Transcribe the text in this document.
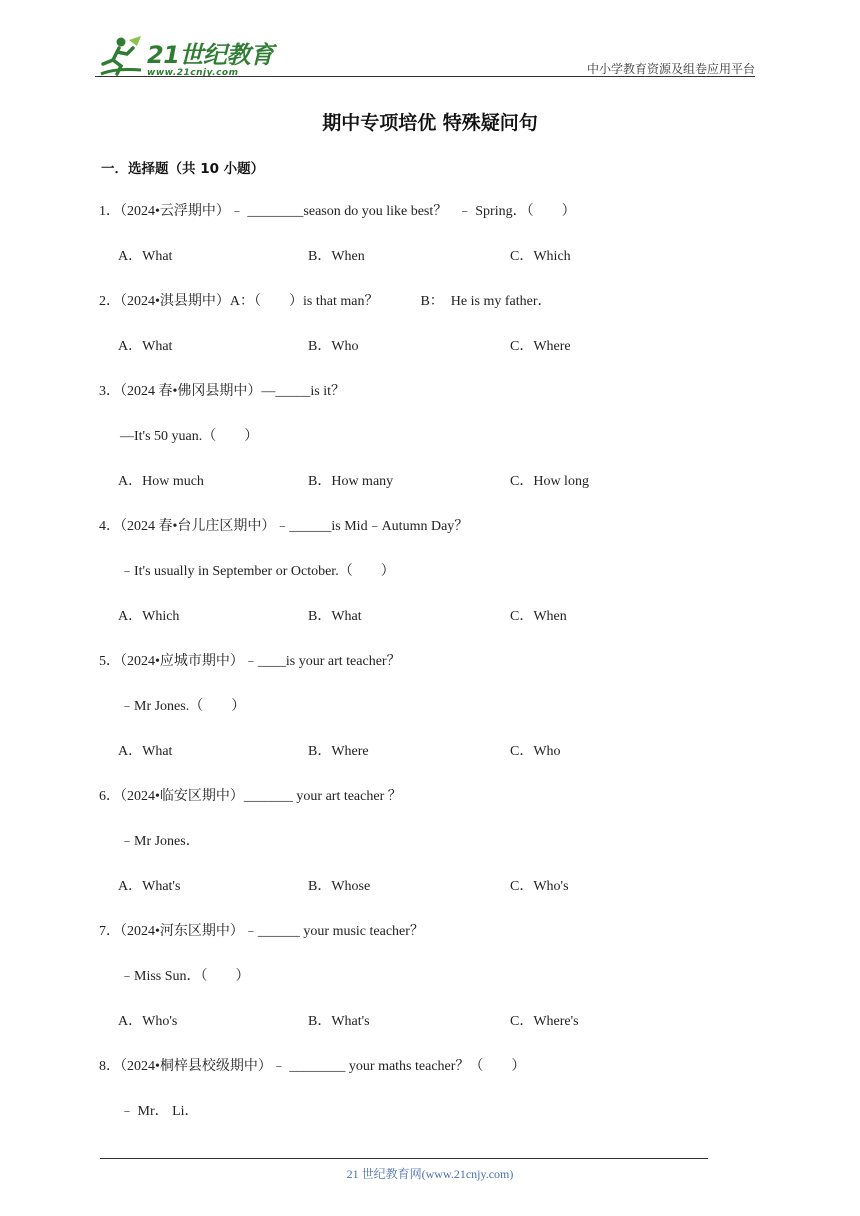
21世纪教育
www.21cnjy.com	中小学教育资源及组卷应用平台
期中专项培优 特殊疑问句
一．选择题（共 10 小题）
1．（2024•云浮期中）﹣ ________season do you like best？   ﹣ Spring．（　　）
A．What	B．When	C．Which
2．（2024•淇县期中）A：（　　）is that man？　　　B：  He is my father．
A．What	B．Who	C．Where
3．（2024 春•佛冈县期中）—_____is it？
—It's 50 yuan.（　　）
A．How much	B．How many	C．How long
4．（2024 春•台儿庄区期中）﹣______is Mid﹣Autumn Day？
﹣It's usually in September or October.（　　）
A．Which	B．What	C．When
5．（2024•应城市期中）﹣____is your art teacher？
﹣Mr Jones.（　　）
A．What	B．Where	C．Who
6．（2024•临安区期中）_______ your art teacher ？
﹣Mr Jones．
A．What's	B．Whose	C．Who's
7．（2024•河东区期中）﹣______ your music teacher？
﹣Miss Sun．（　　）
A．Who's	B．What's	C．Where's
8．（2024•桐梓县校级期中）﹣ ________ your maths teacher？（　　）
﹣ Mr． Li．
21 世纪教育网(www.21cnjy.com)
